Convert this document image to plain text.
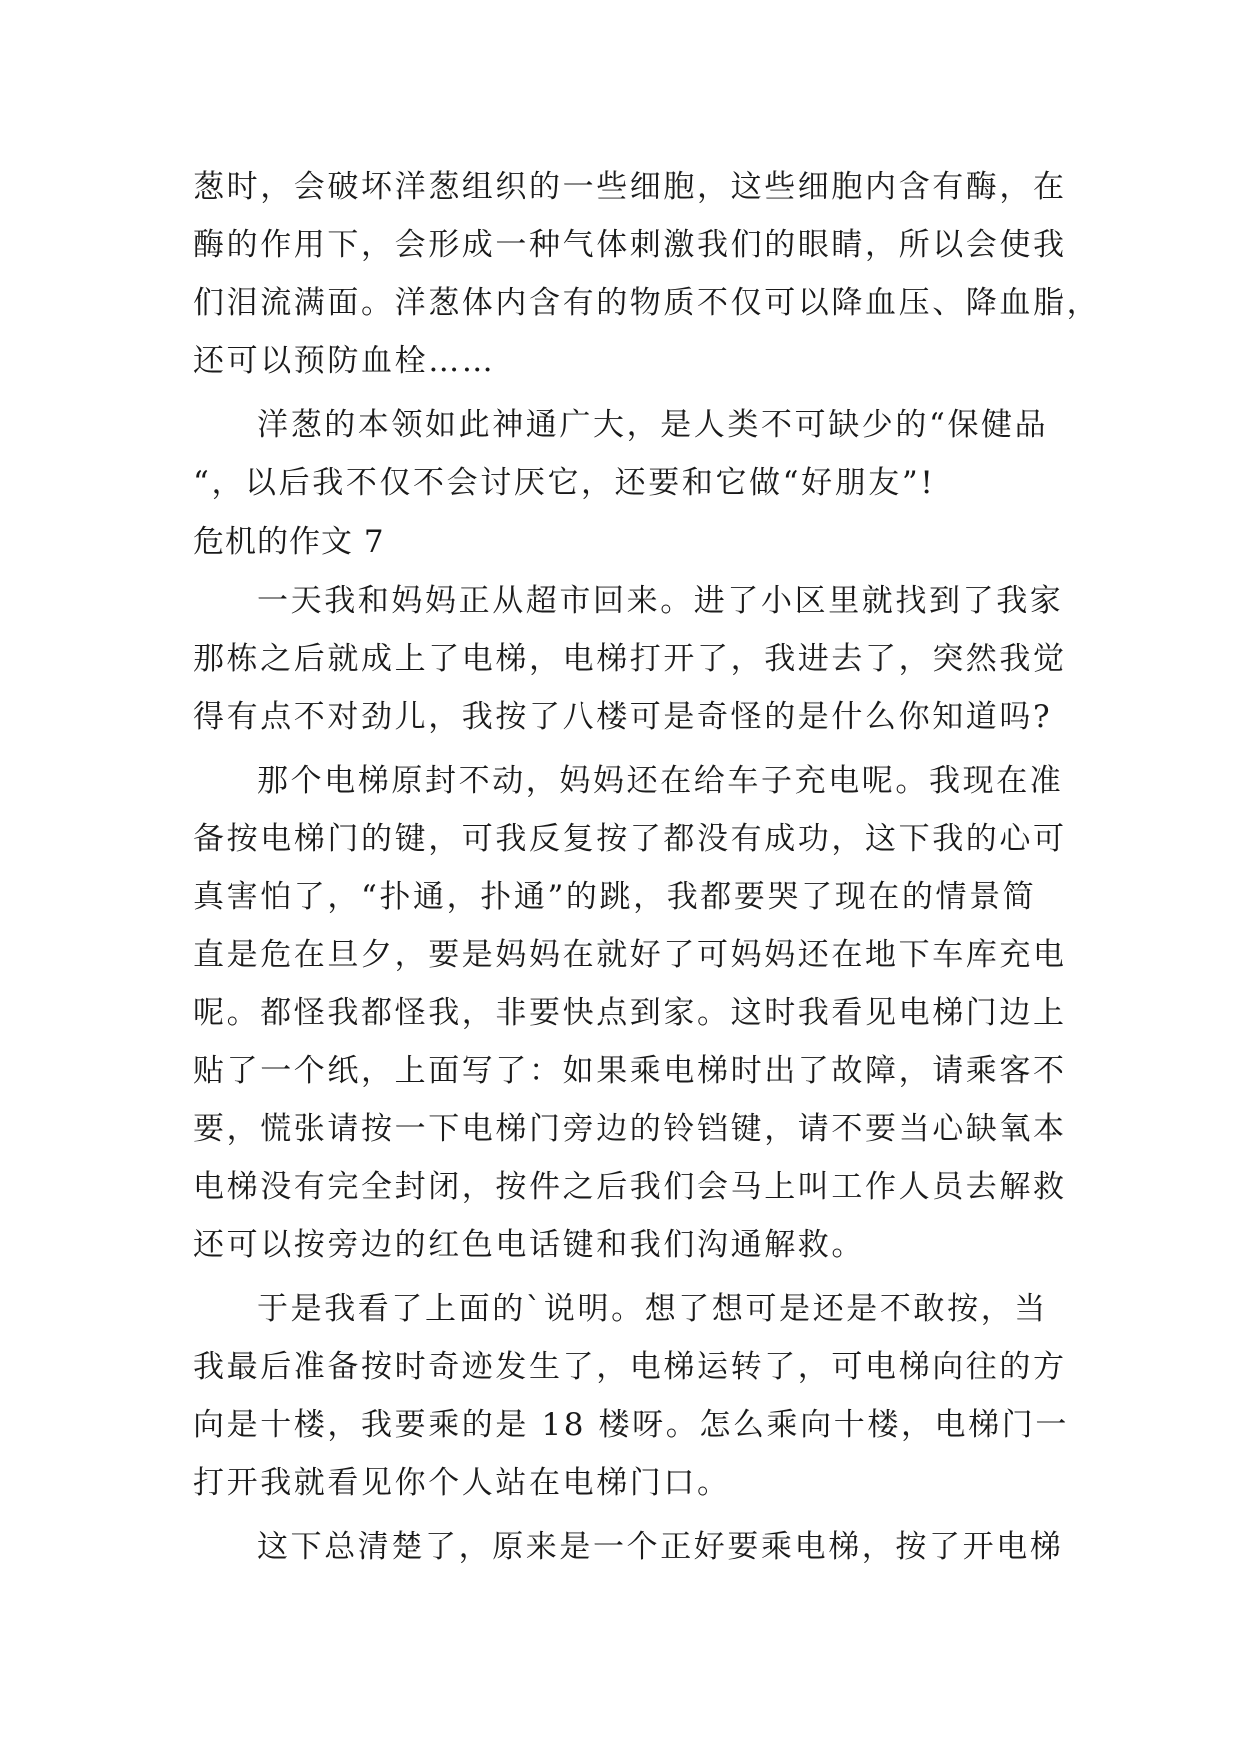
葱时，会破坏洋葱组织的一些细胞，这些细胞内含有酶，在
酶的作用下，会形成一种气体刺激我们的眼睛，所以会使我
们泪流满面。洋葱体内含有的物质不仅可以降血压、降血脂，
还可以预防血栓……
洋葱的本领如此神通广大，是人类不可缺少的“保健品
“，以后我不仅不会讨厌它，还要和它做“好朋友”!
危机的作文 7
一天我和妈妈正从超市回来。进了小区里就找到了我家
那栋之后就成上了电梯，电梯打开了，我进去了，突然我觉
得有点不对劲儿，我按了八楼可是奇怪的是什么你知道吗?
那个电梯原封不动，妈妈还在给车子充电呢。我现在准
备按电梯门的键，可我反复按了都没有成功，这下我的心可
真害怕了，“扑通，扑通”的跳，我都要哭了现在的情景简
直是危在旦夕，要是妈妈在就好了可妈妈还在地下车库充电
呢。都怪我都怪我，非要快点到家。这时我看见电梯门边上
贴了一个纸，上面写了：如果乘电梯时出了故障，请乘客不
要，慌张请按一下电梯门旁边的铃铛键，请不要当心缺氧本
电梯没有完全封闭，按件之后我们会马上叫工作人员去解救
还可以按旁边的红色电话键和我们沟通解救。
于是我看了上面的`说明。想了想可是还是不敢按，当
我最后准备按时奇迹发生了，电梯运转了，可电梯向往的方
向是十楼，我要乘的是 18 楼呀。怎么乘向十楼，电梯门一
打开我就看见你个人站在电梯门口。
这下总清楚了，原来是一个正好要乘电梯，按了开电梯
